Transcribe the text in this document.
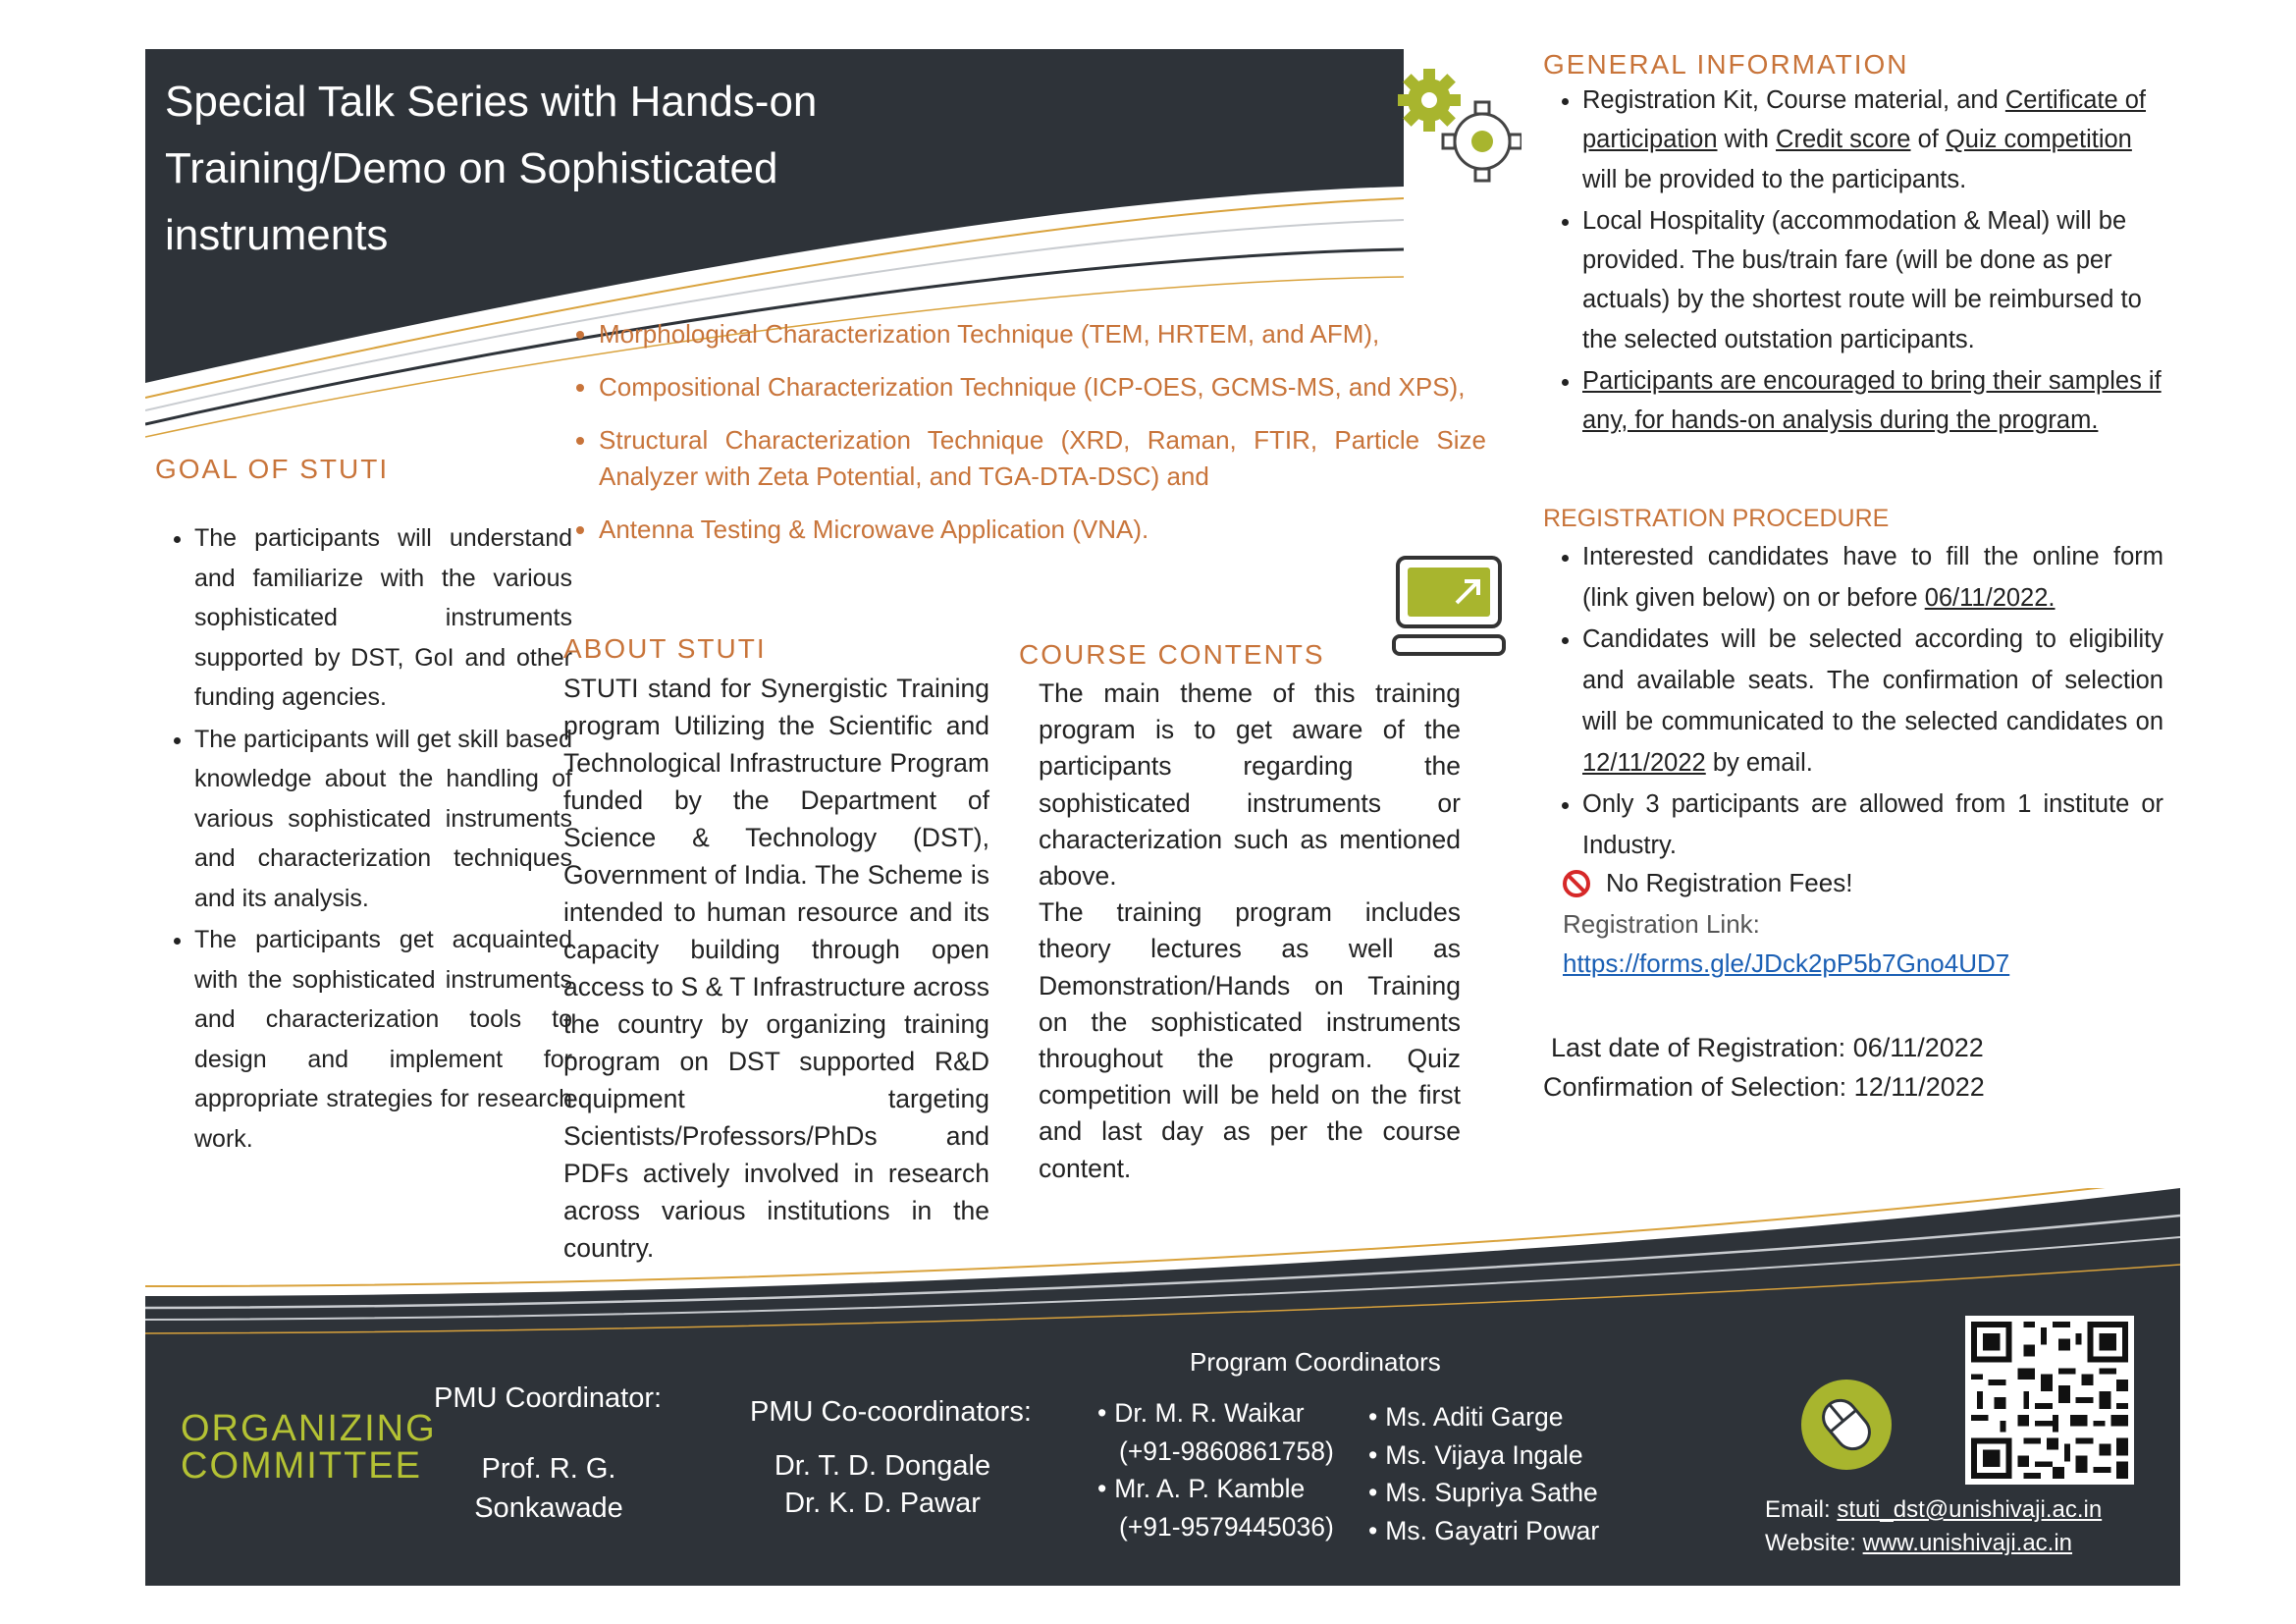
Special Talk Series with Hands-on Training/Demo on Sophisticated instruments
GOAL OF STUTI
• The participants will understand and familiarize with the various sophisticated instruments supported by DST, GoI and other funding agencies.
• The participants will get skill based knowledge about the handling of various sophisticated instruments and characterization techniques and its analysis.
• The participants get acquainted with the sophisticated instruments and characterization tools to design and implement for appropriate strategies for research work.
• Morphological Characterization Technique (TEM, HRTEM, and AFM),
• Compositional Characterization Technique (ICP-OES, GCMS-MS, and XPS),
• Structural Characterization Technique (XRD, Raman, FTIR, Particle Size Analyzer with Zeta Potential, and TGA-DTA-DSC) and
• Antenna Testing & Microwave Application (VNA).
ABOUT STUTI
STUTI stand for Synergistic Training program Utilizing the Scientific and Technological Infrastructure Program funded by the Department of Science & Technology (DST), Government of India. The Scheme is intended to human resource and its capacity building through open access to S & T Infrastructure across the country by organizing training program on DST supported R&D equipment targeting Scientists/Professors/PhDs and PDFs actively involved in research across various institutions in the country.
COURSE CONTENTS
The main theme of this training program is to get aware of the participants regarding the sophisticated instruments or characterization such as mentioned above.
The training program includes theory lectures as well as Demonstration/Hands on Training on the sophisticated instruments throughout the program. Quiz competition will be held on the first and last day as per the course content.
GENERAL INFORMATION
• Registration Kit, Course material, and Certificate of participation with Credit score of Quiz competition will be provided to the participants.
• Local Hospitality (accommodation & Meal) will be provided. The bus/train fare (will be done as per actuals) by the shortest route will be reimbursed to the selected outstation participants.
• Participants are encouraged to bring their samples if any, for hands-on analysis during the program.
REGISTRATION PROCEDURE
• Interested candidates have to fill the online form (link given below) on or before 06/11/2022.
• Candidates will be selected according to eligibility and available seats. The confirmation of selection will be communicated to the selected candidates on 12/11/2022 by email.
• Only 3 participants are allowed from 1 institute or Industry.
No Registration Fees!
Registration Link:
https://forms.gle/JDck2pP5b7Gno4UD7
Last date of Registration: 06/11/2022
Confirmation of Selection: 12/11/2022
ORGANIZING
COMMITTEE
PMU Coordinator:
Prof. R. G. Sonkawade
PMU Co-coordinators:
Dr. T. D. Dongale
Dr. K. D. Pawar
Program Coordinators
• Dr. M. R. Waikar
(+91-9860861758)
• Mr. A. P. Kamble
(+91-9579445036)
• Ms. Aditi Garge
• Ms. Vijaya Ingale
• Ms. Supriya Sathe
• Ms. Gayatri Powar
Email: stuti_dst@unishivaji.ac.in
Website: www.unishivaji.ac.in
